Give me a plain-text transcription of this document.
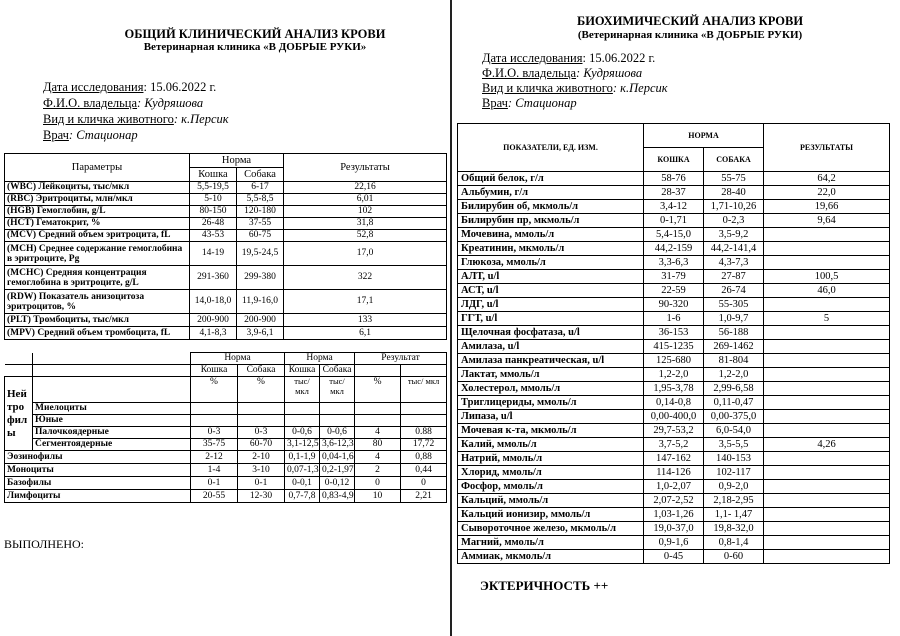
ОБЩИЙ КЛИНИЧЕСКИЙ АНАЛИЗ КРОВИ
Ветеринарная клиника «В ДОБРЫЕ РУКИ»
Дата исследования: 15.06.2022 г.
Ф.И.О. владельца: Кудряшова
Вид и кличка животного: к.Персик
Врач: Стационар
Параметры	Норма		Результаты
	Кошка	Собака	
(WBC) Лейкоциты, тыс/мкл	5,5-19,5	6-17	22,16
(RBC) Эритроциты, млн/мкл	5-10	5,5-8,5	6,01
(HGB) Гемоглобин, g/L	80-150	120-180	102
(HCT) Гематокрит, %	26-48	37-55	31,8
(MCV) Средний объем эритроцита, fL	43-53	60-75	52,8
(MCH) Среднее содержание гемоглобина в эритроците, Pg	14-19	19,5-24,5	17,0
(MCHC) Средняя концентрация гемоглобина в эритроците, g/L	291-360	299-380	322
(RDW) Показатель анизоцитоза эритроцитов, %	14,0-18,0	11,9-16,0	17,1
(PLT) Тромбоциты, тыс/мкл	200-900	200-900	133
(MPV) Средний объем тромбоцита, fL	4,1-8,3	3,9-6,1	6,1
		Норма		Норма		Результат	
		Кошка	Собака	Кошка	Собака		
Нейтрофилы		%	%	тыс/ мкл	тыс/ мкл	%	тыс/ мкл
	Миелоциты						
	Юные						
	Палочкоядерные	0-3	0-3	0-0,6	0-0,6	4	0.88
	Сегментоядерные	35-75	60-70	3,1-12,5	3,6-12,3	80	17,72
Эозинофилы		2-12	2-10	0,1-1,9	0,04-1,6	4	0,88
Моноциты		1-4	3-10	0,07-1,3	0,2-1,97	2	0,44
Базофилы		0-1	0-1	0-0,1	0-0,12	0	0
Лимфоциты		20-55	12-30	0,7-7,8	0,83-4,9	10	2,21
ВЫПОЛНЕНО:
БИОХИМИЧЕСКИЙ АНАЛИЗ КРОВИ
(Ветеринарная клиника «В ДОБРЫЕ РУКИ)
Дата исследования: 15.06.2022 г.
Ф.И.О. владельца: Кудряшова
Вид и кличка животного: к.Персик
Врач: Стационар
ПОКАЗАТЕЛИ, ЕД. ИЗМ.	НОРМА		РЕЗУЛЬТАТЫ
	КОШКА	СОБАКА	
Общий белок, г/л	58-76	55-75	64,2
Альбумин, г/л	28-37	28-40	22,0
Билирубин об, мкмоль/л	3,4-12	1,71-10,26	19,66
Билирубин пр, мкмоль/л	0-1,71	0-2,3	9,64
Мочевина, ммоль/л	5,4-15,0	3,5-9,2	
Креатинин, мкмоль/л	44,2-159	44,2-141,4	
Глюкоза, ммоль/л	3,3-6,3	4,3-7,3	
АЛТ, u/l	31-79	27-87	100,5
АСТ, u/l	22-59	26-74	46,0
ЛДГ, u/l	90-320	55-305	
ГГТ, u/l	1-6	1,0-9,7	5
Щелочная фосфатаза, u/l	36-153	56-188	
Амилаза, u/l	415-1235	269-1462	
Амилаза панкреатическая, u/l	125-680	81-804	
Лактат, ммоль/л	1,2-2,0	1,2-2,0	
Холестерол, ммоль/л	1,95-3,78	2,99-6,58	
Триглицериды, ммоль/л	0,14-0,8	0,11-0,47	
Липаза, u/l	0,00-400,0	0,00-375,0	
Мочевая к-та, мкмоль/л	29,7-53,2	6,0-54,0	
Калий, ммоль/л	3,7-5,2	3,5-5,5	4,26
Натрий, ммоль/л	147-162	140-153	
Хлорид, ммоль/л	114-126	102-117	
Фосфор, ммоль/л	1,0-2,07	0,9-2,0	
Кальций, ммоль/л	2,07-2,52	2,18-2,95	
Кальций ионизир, ммоль/л	1,03-1,26	1,1- 1,47	
Сывороточное железо, мкмоль/л	19,0-37,0	19,8-32,0	
Магний, ммоль/л	0,9-1,6	0,8-1,4	
Аммиак, мкмоль/л	0-45	0-60	
ЭКТЕРИЧНОСТЬ ++
